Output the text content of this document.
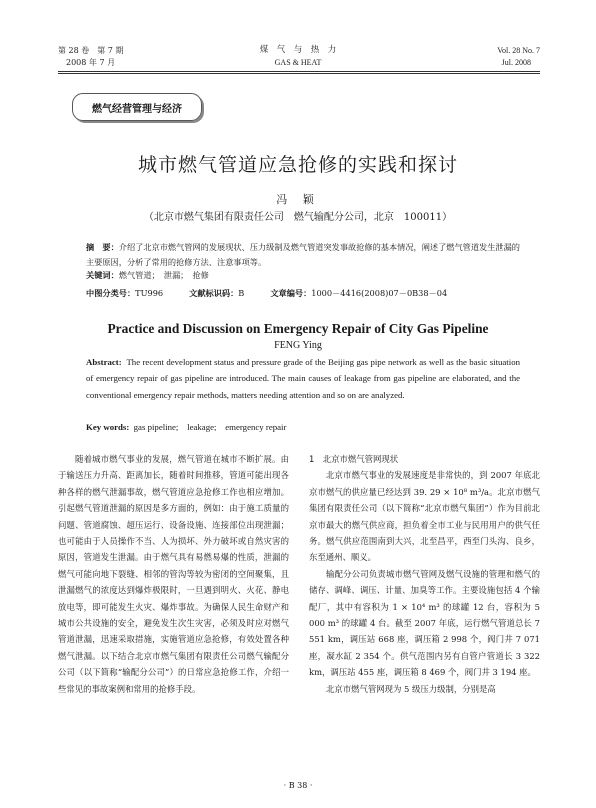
第 28 卷　第 7 期
2008 年 7 月
煤　气　与　热　力
GAS & HEAT
Vol. 28 No. 7
Jul. 2008
燃气经营管理与经济
城市燃气管道应急抢修的实践和探讨
冯 颖
（北京市燃气集团有限责任公司　燃气输配分公司，北京　100011）
摘　要：介绍了北京市燃气管网的发展现状、压力级制及燃气管道突发事故抢修的基本情况，阐述了燃气管道发生泄漏的主要原因，分析了常用的抢修方法、注意事项等。
关键词：燃气管道；　泄漏；　抢修
中图分类号：TU996	文献标识码：B	文章编号：1000－4416(2008)07－0B38－04
Practice and Discussion on Emergency Repair of City Gas Pipeline
FENG Ying
Abstract: The recent development status and pressure grade of the Beijing gas pipe network as well as the basic situation of emergency repair of gas pipeline are introduced. The main causes of leakage from gas pipeline are elaborated, and the conventional emergency repair methods, matters needing attention and so on are analyzed.
Key words: gas pipeline;　leakage;　emergency repair

随着城市燃气事业的发展，燃气管道在城市不断扩展。由于输送压力升高、距离加长，随着时间推移，管道可能出现各种各样的燃气泄漏事故，燃气管道应急抢修工作也相应增加。引起燃气管道泄漏的原因是多方面的，例如：由于施工质量的问题、管道腐蚀、超压运行、设备设施、连接部位出现泄漏；也可能由于人员操作不当、人为损坏、外力破坏或自然灾害的原因，管道发生泄漏。由于燃气具有易燃易爆的性质，泄漏的燃气可能向地下裂缝、相邻的管沟等较为密闭的空间聚集，且泄漏燃气的浓度达到爆炸极限时，一旦遇到明火、火花、静电放电等，即可能发生火灾、爆炸事故。为确保人民生命财产和城市公共设施的安全，避免发生次生灾害，必须及时应对燃气管道泄漏，迅速采取措施，实施管道应急抢修，有效处置各种燃气泄漏。以下结合北京市燃气集团有限责任公司燃气输配分公司（以下简称“输配分公司”）的日常应急抢修工作，介绍一些常见的事故案例和常用的抢修手段。

1　北京市燃气管网现状

北京市燃气事业的发展速度是非常快的，到 2007 年底北京市燃气的供应量已经达到 39. 29 × 10⁸ m³/a。北京市燃气集团有限责任公司（以下简称“北京市燃气集团”）作为目前北京市最大的燃气供应商，担负着全市工业与民用用户的供气任务。燃气供应范围南到大兴，北至昌平，西至门头沟、良乡，东至通州、顺义。

输配分公司负责城市燃气管网及燃气设施的管理和燃气的储存、调峰、调压、计量、加臭等工作。主要设施包括 4 个输配厂，其中有容积为 1 × 10⁴ m³ 的球罐 12 台，容积为 5 000 m³ 的球罐 4 台。截至 2007 年底，运行燃气管道总长 7 551 km，调压站 668 座，调压箱 2 998 个，阀门井 7 071 座，凝水缸 2 354 个。供气范围内另有自管户管道长 3 322 km，调压站 455 座，调压箱 8 469 个，阀门井 3 194 座。

北京市燃气管网现为 5 级压力级制，分别是高

· B 38 ·
